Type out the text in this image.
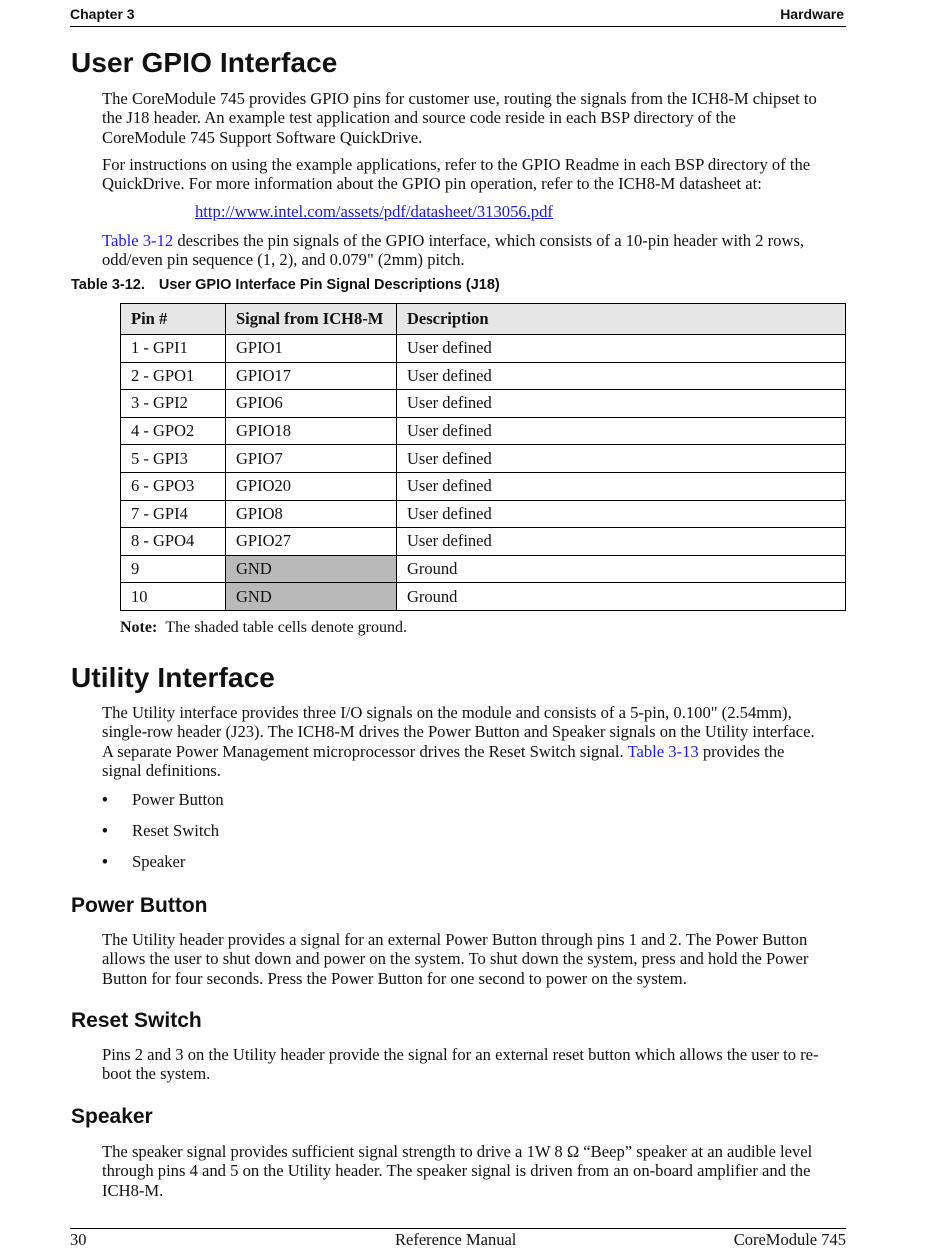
Chapter 3	Hardware
User GPIO Interface
The CoreModule 745 provides GPIO pins for customer use, routing the signals from the ICH8-M chipset to
the J18 header. An example test application and source code reside in each BSP directory of the
CoreModule 745 Support Software QuickDrive.
For instructions on using the example applications, refer to the GPIO Readme in each BSP directory of the
QuickDrive. For more information about the GPIO pin operation, refer to the ICH8-M datasheet at:
http://www.intel.com/assets/pdf/datasheet/313056.pdf
Table 3-12 describes the pin signals of the GPIO interface, which consists of a 10-pin header with 2 rows,
odd/even pin sequence (1, 2), and 0.079" (2mm) pitch.
Table 3-12. User GPIO Interface Pin Signal Descriptions (J18)
Pin #	Signal from ICH8-M	Description
1 - GPI1	GPIO1	User defined
2 - GPO1	GPIO17	User defined
3 - GPI2	GPIO6	User defined
4 - GPO2	GPIO18	User defined
5 - GPI3	GPIO7	User defined
6 - GPO3	GPIO20	User defined
7 - GPI4	GPIO8	User defined
8 - GPO4	GPIO27	User defined
9	GND	Ground
10	GND	Ground
Note: The shaded table cells denote ground.
Utility Interface
The Utility interface provides three I/O signals on the module and consists of a 5-pin, 0.100" (2.54mm),
single-row header (J23). The ICH8-M drives the Power Button and Speaker signals on the Utility interface.
A separate Power Management microprocessor drives the Reset Switch signal. Table 3-13 provides the
signal definitions.
• Power Button
• Reset Switch
• Speaker
Power Button
The Utility header provides a signal for an external Power Button through pins 1 and 2. The Power Button
allows the user to shut down and power on the system. To shut down the system, press and hold the Power
Button for four seconds. Press the Power Button for one second to power on the system.
Reset Switch
Pins 2 and 3 on the Utility header provide the signal for an external reset button which allows the user to re-
boot the system.
Speaker
The speaker signal provides sufficient signal strength to drive a 1W 8 Ω “Beep” speaker at an audible level
through pins 4 and 5 on the Utility header. The speaker signal is driven from an on-board amplifier and the
ICH8-M.
30	Reference Manual	CoreModule 745
